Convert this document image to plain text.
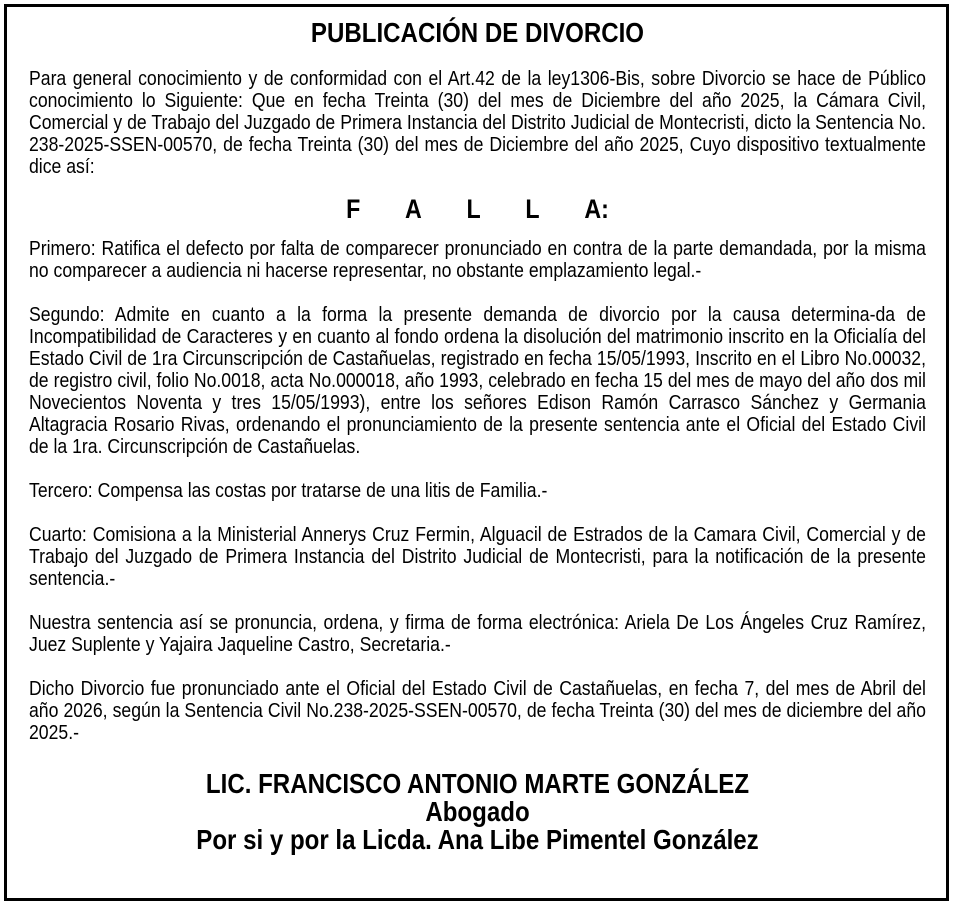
PUBLICACIÓN DE DIVORCIO

Para general conocimiento y de conformidad con el Art.42 de la ley1306-Bis, sobre Divorcio se hace de Público conocimiento lo Siguiente: Que en fecha Treinta (30) del mes de Diciembre del año 2025, la Cámara Civil, Comercial y de Trabajo del Juzgado de Primera Instancia del Distrito Judicial de Montecristi, dicto la Sentencia No. 238-2025-SSEN-00570, de fecha Treinta (30) del mes de Diciembre del año 2025, Cuyo dispositivo textualmente dice así:

F A L L A:

Primero: Ratifica el defecto por falta de comparecer pronunciado en contra de la parte demandada, por la misma no comparecer a audiencia ni hacerse representar, no obstante emplazamiento legal.-

Segundo: Admite en cuanto a la forma la presente demanda de divorcio por la causa determina-da de Incompatibilidad de Caracteres y en cuanto al fondo ordena la disolución del matrimonio inscrito en la Oficialía del Estado Civil de 1ra Circunscripción de Castañuelas, registrado en fecha 15/05/1993, Inscrito en el Libro No.00032, de registro civil, folio No.0018, acta No.000018, año 1993, celebrado en fecha 15 del mes de mayo del año dos mil Novecientos Noventa y tres 15/05/1993), entre los señores Edison Ramón Carrasco Sánchez y Germania Altagracia Rosario Rivas, ordenando el pronunciamiento de la presente sentencia ante el Oficial del Estado Civil de la 1ra. Circunscripción de Castañuelas.

Tercero: Compensa las costas por tratarse de una litis de Familia.-

Cuarto: Comisiona a la Ministerial Annerys Cruz Fermin, Alguacil de Estrados de la Camara Civil, Comercial y de Trabajo del Juzgado de Primera Instancia del Distrito Judicial de Montecristi, para la notificación de la presente sentencia.-

Nuestra sentencia así se pronuncia, ordena, y firma de forma electrónica: Ariela De Los Ángeles Cruz Ramírez, Juez Suplente y Yajaira Jaqueline Castro, Secretaria.-

Dicho Divorcio fue pronunciado ante el Oficial del Estado Civil de Castañuelas, en fecha 7, del mes de Abril del año 2026, según la Sentencia Civil No.238-2025-SSEN-00570, de fecha Treinta (30) del mes de diciembre del año 2025.-

LIC. FRANCISCO ANTONIO MARTE GONZÁLEZ
Abogado
Por si y por la Licda. Ana Libe Pimentel González
